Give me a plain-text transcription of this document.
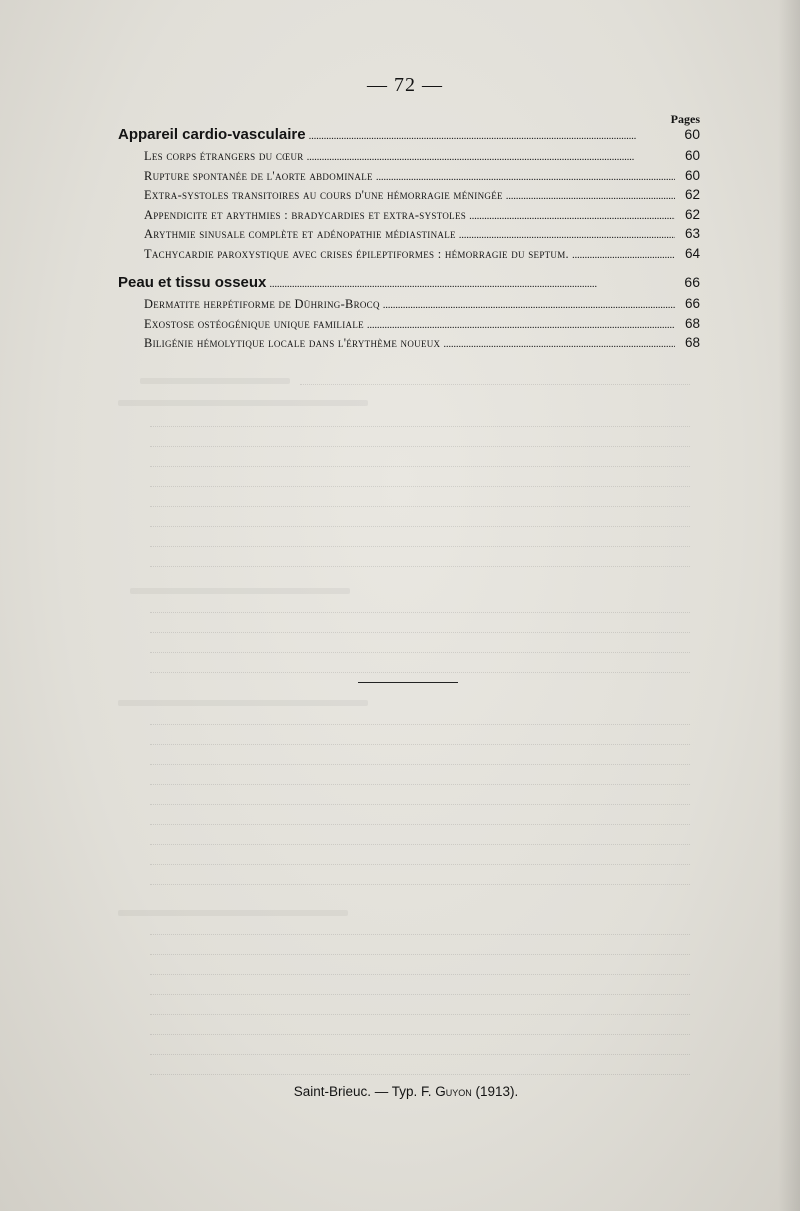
— 72 —
Pages
Appareil cardio-vasculaire . . .	60
Les corps étrangers du cœur . . .	60
Rupture spontanée de l'aorte abdominale . . .	60
Extra-systoles transitoires au cours d'une hémorragie méningée . . .	62
Appendicite et arythmies : bradycardies et extra-systoles . . .	62
Arythmie sinusale complète et adénopathie médiastinale . . .	63
Tachycardie paroxystique avec crises épileptiformes : hémorragie du septum. . . .	64
Peau et tissu osseux . . .	66
Dermatite herpétiforme de Dühring-Brocq . . .	66
Exostose ostéogénique unique familiale . . .	68
Biligénie hémolytique locale dans l'érythème noueux . . .	68
Saint-Brieuc. — Typ. F. Guyon (1913).
